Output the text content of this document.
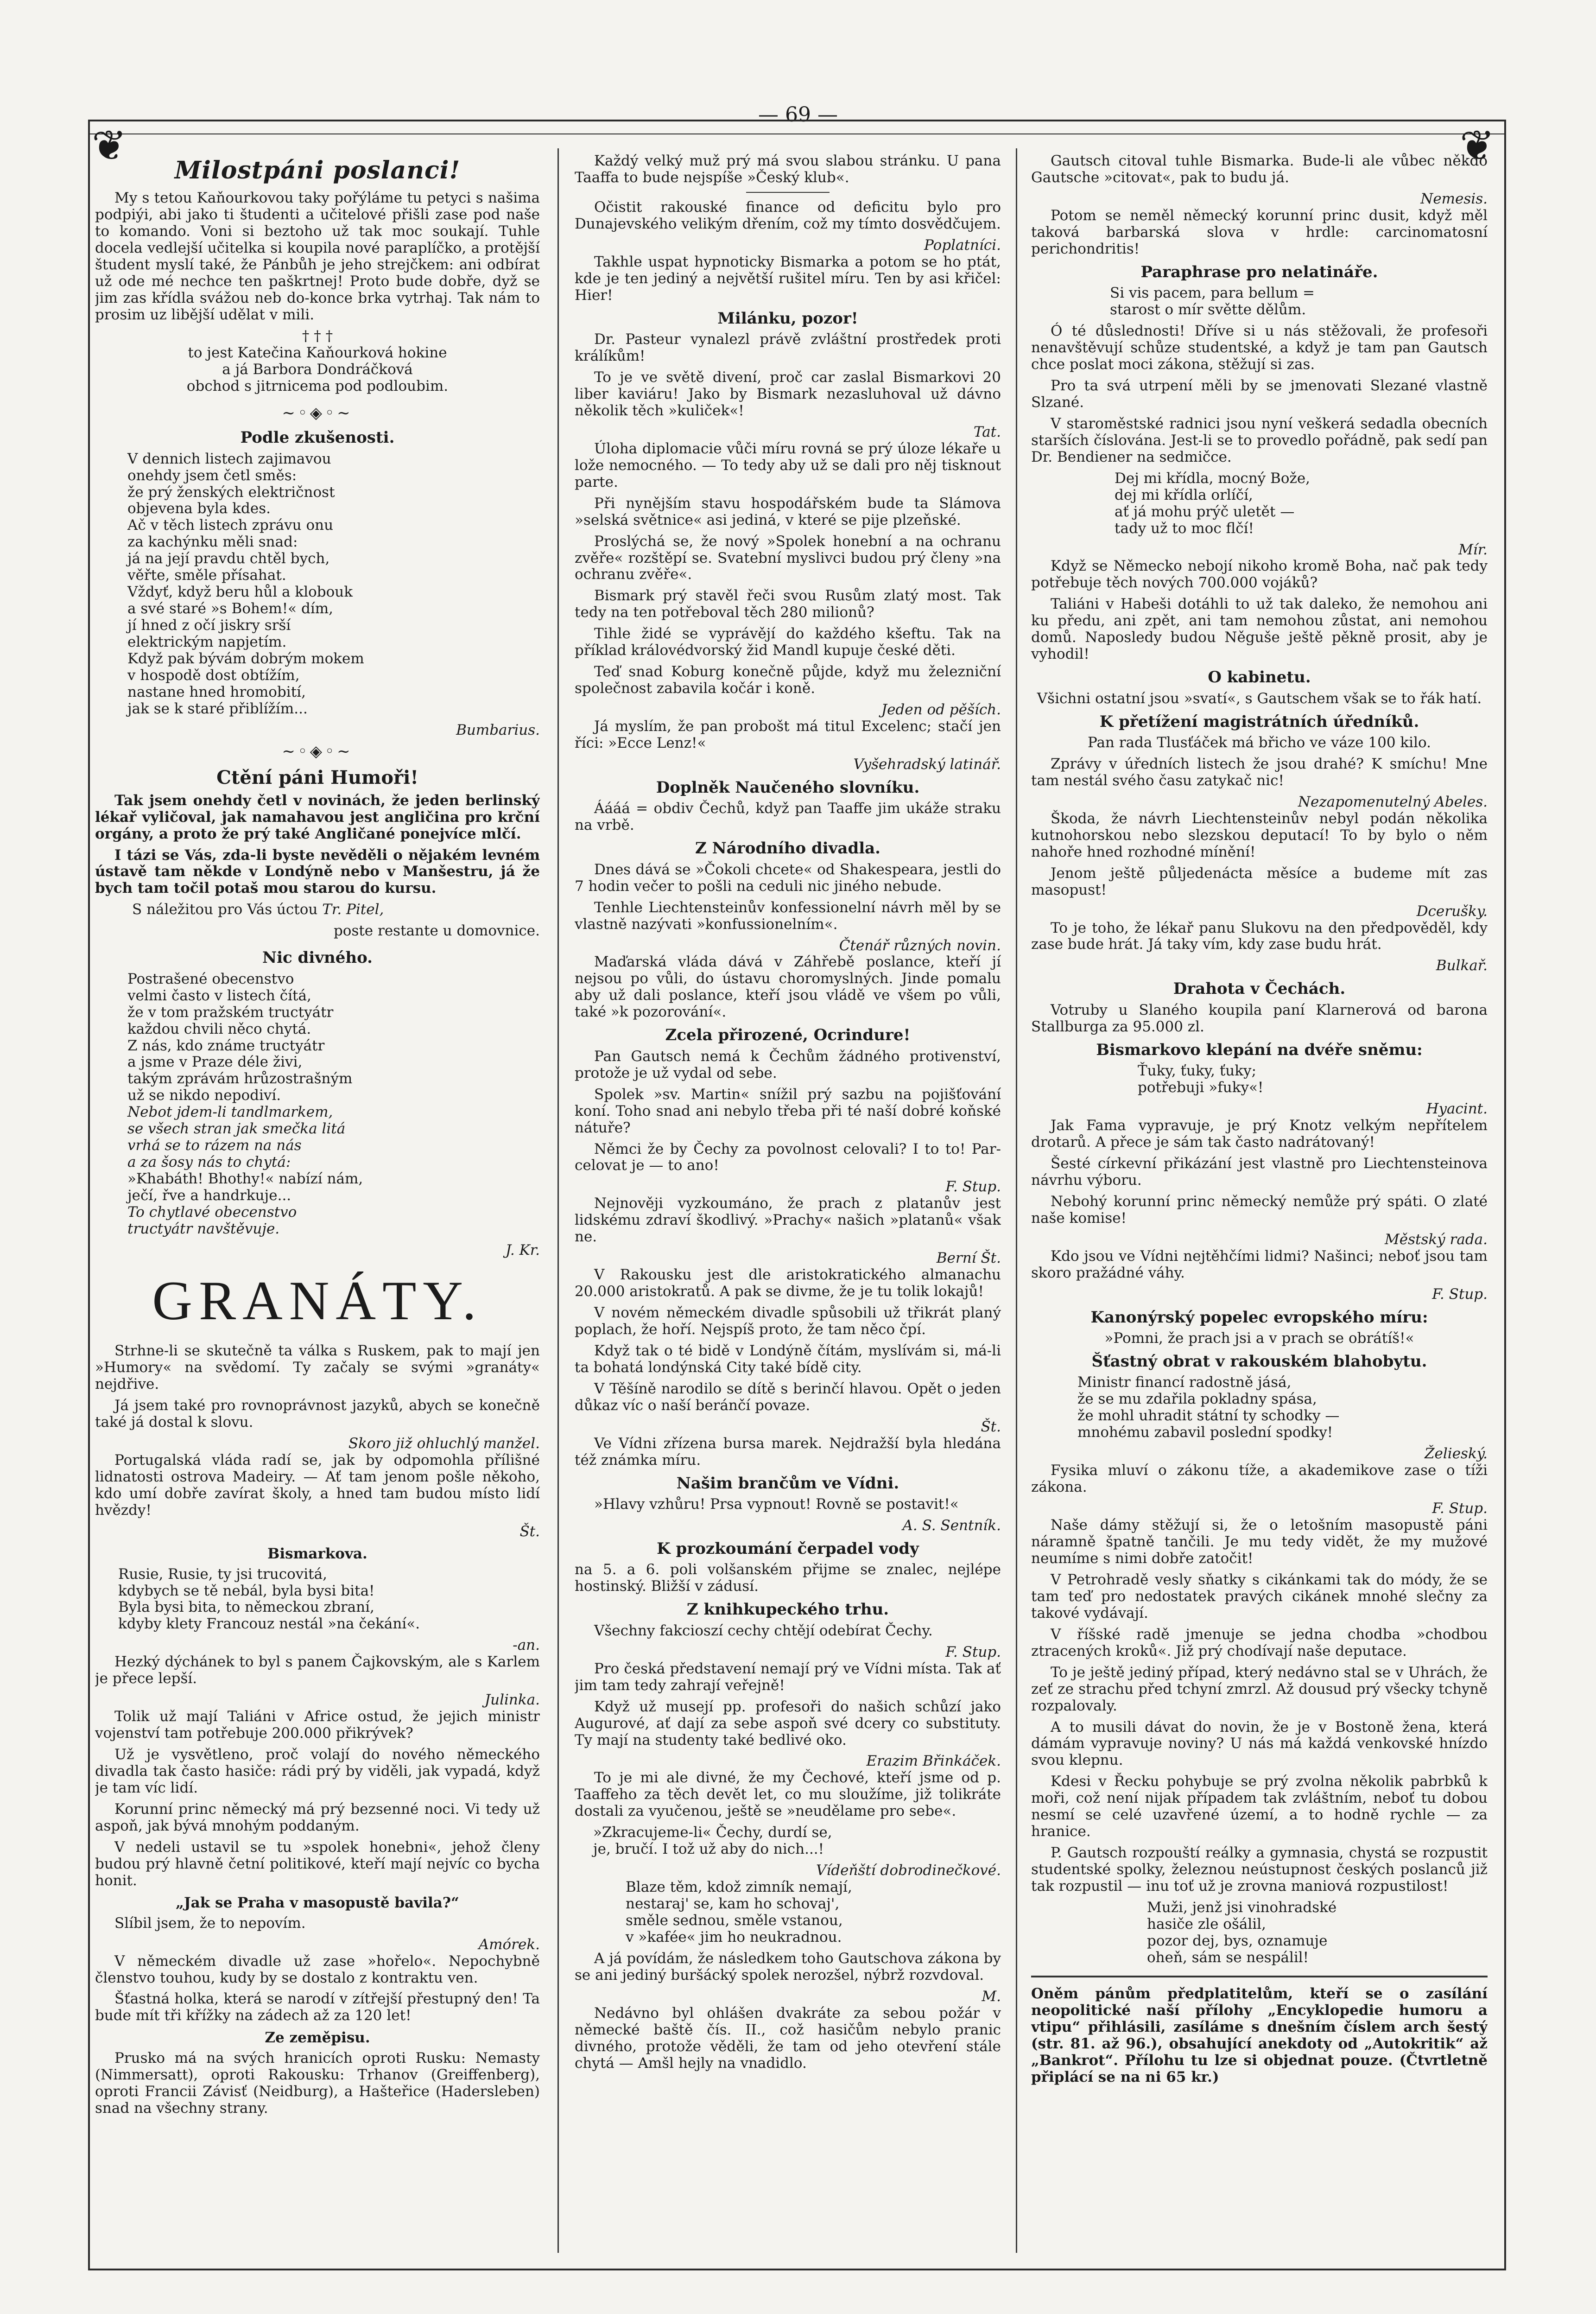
— 69 —
❦	❦
Milostpáni poslanci!

My s tetou Kaňourkovou taky pořýláme tu petyci s našima podpiýi, abi jako ti študenti a učitelové přišli zase pod naše to komando. Voni si beztoho už tak moc soukají. Tuhle docela vedlejší učitelka si koupila nové paraplíčko, a protější študent myslí také, že Pánbůh je jeho strejčkem: ani odbírat už ode mé nechce ten paškrtnej! Proto bude dobře, dyž se jim zas křídla svážou neb do-konce brka vytrhaj. Tak nám to prosim uz libější udělat v mili.

† † †
to jest Katečina Kaňourková hokine
a já Barbora Dondráčková
obchod s jitrnicema pod podloubim.
~◦◈◦~
Podle zkušenosti.
V dennich listech zajimavou
onehdy jsem četl směs:
že prý ženských električnost
objevena byla kdes.
Ač v těch listech zprávu onu
za kachýnku měli snad:
já na její pravdu chtěl bych,
věřte, směle přísahat.
Vždyť, když beru hůl a klobouk
a své staré »s Bohem!« dím,
jí hned z očí jiskry srší
elektrickým napjetím.
Když pak bývám dobrým mokem
v hospodě dost obtížím,
nastane hned hromobití,
jak se k staré přiblížím...
Bumbarius.
~◦◈◦~
Ctění páni Humoři!

Tak jsem onehdy četl v novinách, že jeden berlinský lékař vyličoval, jak namahavou jest angličina pro krční orgány, a proto že prý také Angličané ponejvíce mlčí.

I tázi se Vás, zda-li byste nevěděli o nějakém levném ústavě tam někde v Londýně nebo v Manšestru, já že bych tam točil potaš mou starou do kursu.

S náležitou pro Vás úctou Tr. Pitel,

poste restante u domovnice.
Nic divného.
Postrašené obecenstvo
velmi často v listech čítá,
že v tom pražském tructyátr
každou chvili něco chytá.
Z nás, kdo známe tructyátr
a jsme v Praze déle živi,
takým zprávám hrůzostrašným
už se nikdo nepodiví.
Nebot jdem-li tandlmarkem,
se všech stran jak smečka litá
vrhá se to rázem na nás
a za šosy nás to chytá:
»Khabáth! Bhothy!« nabízí nám,
ječí, řve a handrkuje...
To chytlavé obecenstvo
tructyátr navštěvuje.
J. Kr.
GRANÁTY.

Strhne-li se skutečně ta válka s Ruskem, pak to mají jen »Humory« na svědomí. Ty začaly se svými »granáty« nejdřive.

Já jsem také pro rovnoprávnost jazyků, abych se konečně také já dostal k slovu.

Skoro již ohluchlý manžel.

Portugalská vláda radí se, jak by odpomohla přílišné lidnatosti ostrova Madeiry. — Ať tam jenom pošle někoho, kdo umí dobře zavírat školy, a hned tam budou místo lidí hvězdy!

Št.
Bismarkova.
Rusie, Rusie, ty jsi trucovitá,
kdybych se tě nebál, byla bysi bita!
Byla bysi bita, to německou zbraní,
kdyby klety Francouz nestál »na čekání«.
-an.

Hezký dýchánek to byl s panem Čajkovským, ale s Karlem je přece lepší.

Julinka.

Tolik už mají Taliáni v Africe ostud, že jejich ministr vojenství tam potřebuje 200.000 přikrývek?

Už je vysvětleno, proč volají do nového německého divadla tak často hasiče: rádi prý by viděli, jak vypadá, když je tam víc lidí.

Korunní princ německý má prý bezsenné noci. Vi tedy už aspoň, jak bývá mnohým poddaným.

V nedeli ustavil se tu »spolek honebni«, jehož členy budou prý hlavně četní politikové, kteří mají nejvíc co bycha honit.

„Jak se Praha v masopustě bavila?“

Slíbil jsem, že to nepovím.

Amórek.

V německém divadle už zase »hořelo«. Nepochybně členstvo touhou, kudy by se dostalo z kontraktu ven.

Šťastná holka, která se narodí v zítřejší přestupný den! Ta bude mít tři křížky na zádech až za 120 let!

Ze zeměpisu.

Prusko má na svých hranicích oproti Rusku: Nemasty (Nimmersatt), oproti Rakousku: Trhanov (Greiffenberg), oproti Francii Závisť (Neidburg), a Hašteřice (Hadersleben) snad na všechny strany.

Každý velký muž prý má svou slabou stránku. U pana Taaffa to bude nejspíše »Český klub«.

Očistit rakouské finance od deficitu bylo pro Dunajevského velikým dřením, což my tímto dosvědčujem.

Poplatníci.

Takhle uspat hypnoticky Bismarka a potom se ho ptát, kde je ten jediný a největší rušitel míru. Ten by asi křičel: Hier!

Milánku, pozor!

Dr. Pasteur vynalezl právě zvláštní prostředek proti králíkům!

To je ve světě divení, proč car zaslal Bismarkovi 20 liber kaviáru! Jako by Bismark nezasluhoval už dávno několik těch »kuliček«!

Tat.

Úloha diplomacie vůči míru rovná se prý úloze lékaře u lože nemocného. — To tedy aby už se dali pro něj tisknout parte.

Při nynějším stavu hospodářském bude ta Slámova »selská světnice« asi jediná, v které se pije plzeňské.

Proslýchá se, že nový »Spolek honební a na ochranu zvěře« rozštěpí se. Svatební myslivci budou prý členy »na ochranu zvěře«.

Bismark prý stavěl řeči svou Rusům zlatý most. Tak tedy na ten potřeboval těch 280 milionů?

Tihle židé se vyprávějí do každého kšeftu. Tak na příklad královédvorský žid Mandl kupuje české děti.

Teď snad Koburg konečně půjde, když mu železniční společnost zabavila kočár i koně.

Jeden od pěších.

Já myslím, že pan probošt má titul Excelenc; stačí jen říci: »Ecce Lenz!«

Vyšehradský latinář.
Doplněk Naučeného slovníku.

Áááá = obdiv Čechů, když pan Taaffe jim ukáže straku na vrbě.

Z Národního divadla.

Dnes dává se »Čokoli chcete« od Shakespeara, jestli do 7 hodin večer to pošli na ceduli nic jiného nebude.

Tenhle Liechtensteinův konfessionelní návrh měl by se vlastně nazývati »konfussionelním«.

Čtenář různých novin.

Maďarská vláda dává v Záhřebě poslance, kteří jí nejsou po vůli, do ústavu choromyslných. Jinde pomalu aby už dali poslance, kteří jsou vládě ve všem po vůli, také »k pozorování«.

Zcela přirozené, Ocrindure!

Pan Gautsch nemá k Čechům žádného protivenství, protože je už vydal od sebe.

Spolek »sv. Martin« snížil prý sazbu na pojišťování koní. Toho snad ani nebylo třeba při té naší dobré koňské nátuře?

Němci že by Čechy za povolnost celovali? I to to! Par-celovat je — to ano!

F. Stup.

Nejnověji vyzkoumáno, že prach z platanův jest lidskému zdraví škodlivý. »Prachy« našich »platanů« však ne.

Berní Št.

V Rakousku jest dle aristokratického almanachu 20.000 aristokratů. A pak se divme, že je tu tolik lokajů!

V novém německém divadle spůsobili už třikrát planý poplach, že hoří. Nejspíš proto, že tam něco čpí.

Když tak o té bidě v Londýně čítám, myslívám si, má-li ta bohatá londýnská City také bídě city.

V Těšíně narodilo se dítě s berinčí hlavou. Opět o jeden důkaz víc o naší beránčí povaze.

Št.

Ve Vídni zřízena bursa marek. Nejdražší byla hledána též známka míru.

Našim brančům ve Vídni.

»Hlavy vzhůru! Prsa vypnout! Rovně se postavit!«

A. S. Sentník.
K prozkoumání čerpadel vody

na 5. a 6. poli volšanském přijme se znalec, nejlépe hostinský. Bližší v zádusí.

Z knihkupeckého trhu.

Všechny fakcioszí cechy chtějí odebírat Čechy.

F. Stup.

Pro česká představení nemají prý ve Vídni místa. Tak ať jim tam tedy zahrají veřejně!

Když už musejí pp. profesoři do našich schůzí jako Augurové, ať dají za sebe aspoň své dcery co substituty. Ty mají na studenty také bedlivé oko.

Erazim Břinkáček.

To je mi ale divné, že my Čechové, kteří jsme od p. Taaffeho za těch devět let, co mu sloužíme, již tolikráte dostali za vyučenou, ještě se »neudělame pro sebe«.

»Zkracujeme-li« Čechy, durdí se,
je, bručí. I tož už aby do nich...!
Vídeňští dobrodinečkové.
Blaze těm, kdož zimník nemají,
nestaraj' se, kam ho schovaj',
směle sednou, směle vstanou,
v »kafée« jim ho neukradnou.

A já povídám, že následkem toho Gautschova zákona by se ani jediný buršácký spolek nerozšel, nýbrž rozvdoval.

M.

Nedávno byl ohlášen dvakráte za sebou požár v německé baště čís. II., což hasičům nebylo pranic divného, protože věděli, že tam od jeho otevření stále chytá — Amšl hejly na vnadidlo.

Gautsch citoval tuhle Bismarka. Bude-li ale vůbec někdo Gautsche »citovat«, pak to budu já.

Nemesis.

Potom se neměl německý korunní princ dusit, když měl taková barbarská slova v hrdle: carcinomatosní perichondritis!

Paraphrase pro nelatináře.
Si vis pacem, para bellum =
starost o mír světte dělům.

Ó té důslednosti! Dříve si u nás stěžovali, že profesoři nenavštěvují schůze studentské, a když je tam pan Gautsch chce poslat moci zákona, stěžují si zas.

Pro ta svá utrpení měli by se jmenovati Slezané vlastně Slzané.

V staroměstské radnici jsou nyní veškerá sedadla obecních starších číslována. Jest-li se to provedlo pořádně, pak sedí pan Dr. Bendiener na sedmičce.

Dej mi křídla, mocný Bože,
dej mi křídla orlíčí,
ať já mohu prýč uletět —
tady už to moc flčí!
Mír.

Když se Německo nebojí nikoho kromě Boha, nač pak tedy potřebuje těch nových 700.000 vojáků?

Taliáni v Habeši dotáhli to už tak daleko, že nemohou ani ku předu, ani zpět, ani tam nemohou zůstat, ani nemohou domů. Naposledy budou Něguše ještě pěkně prosit, aby je vyhodil!

O kabinetu.

Všichni ostatní jsou »svatí«, s Gautschem však se to řák hatí.

K přetížení magistrátních úředníků.

Pan rada Tlusťáček má břicho ve váze 100 kilo.

Zprávy v úředních listech že jsou drahé? K smíchu! Mne tam nestál svého času zatykač nic!

Nezapomenutelný Abeles.

Škoda, že návrh Liechtensteinův nebyl podán několika kutnohorskou nebo slezskou deputací! To by bylo o něm nahoře hned rozhodné mínění!

Jenom ještě půljedenácta měsíce a budeme mít zas masopust!

Dcerušky.

To je toho, že lékař panu Slukovu na den předpověděl, kdy zase bude hrát. Já taky vím, kdy zase budu hrát.

Bulkař.
Drahota v Čechách.

Votruby u Slaného koupila paní Klarnerová od barona Stallburga za 95.000 zl.

Bismarkovo klepání na dvéře sněmu:
Ťuky, ťuky, ťuky;
potřebuji »fuky«!
Hyacint.

Jak Fama vypravuje, je prý Knotz velkým nepřítelem drotarů. A přece je sám tak často nadrátovaný!

Šesté církevní přikázání jest vlastně pro Liechtensteinova návrhu výboru.

Nebohý korunní princ německý nemůže prý spáti. O zlaté naše komise!

Městský rada.

Kdo jsou ve Vídni nejtěhčími lidmi? Našinci; neboť jsou tam skoro pražádné váhy.

F. Stup.
Kanonýrský popelec evropského míru:

»Pomni, že prach jsi a v prach se obrátíš!«

Šťastný obrat v rakouském blahobytu.
Ministr financí radostně jásá,
že se mu zdařila pokladny spása,
že mohl uhradit státní ty schodky —
mnohému zabavil poslední spodky!
Želieský.

Fysika mluví o zákonu tíže, a akademikove zase o tíži zákona.

F. Stup.

Naše dámy stěžují si, že o letošním masopustě páni náramně špatně tančili. Je mu tedy vidět, že my mužové neumíme s nimi dobře zatočit!

V Petrohradě vesly sňatky s cikánkami tak do módy, že se tam teď pro nedostatek pravých cikánek mnohé slečny za takové vydávají.

V říšské radě jmenuje se jedna chodba »chodbou ztracených kroků«. Již prý chodívají naše deputace.

To je ještě jediný případ, který nedávno stal se v Uhrách, že zeť ze strachu před tchyní zmrzl. Až dousud prý všecky tchyně rozpalovaly.

A to musili dávat do novin, že je v Bostoně žena, která dámám vypravuje noviny? U nás má každá venkovské hnízdo svou klepnu.

Kdesi v Řecku pohybuje se prý zvolna několik pabrbků k moři, což není nijak případem tak zvláštním, neboť tu dobou nesmí se celé uzavřené území, a to hodně rychle — za hranice.

P. Gautsch rozpouští reálky a gymnasia, chystá se rozpustit studentské spolky, železnou neústupnost českých poslanců již tak rozpustil — inu toť už je zrovna maniová rozpustilost!

Muži, jenž jsi vinohradské
hasiče zle ošálil,
pozor dej, bys, oznamuje
oheň, sám se nespálil!
Oněm pánům předplatitelům, kteří se o zasílání neopolitické naší přílohy „Encyklopedie humoru a vtipu“ přihlásili, zasíláme s dnešním číslem arch šestý (str. 81. až 96.), obsahující anekdoty od „Autokritik“ až „Bankrot“. Přílohu tu lze si objednat pouze. (Čtvrtletně připlácí se na ni 65 kr.)
